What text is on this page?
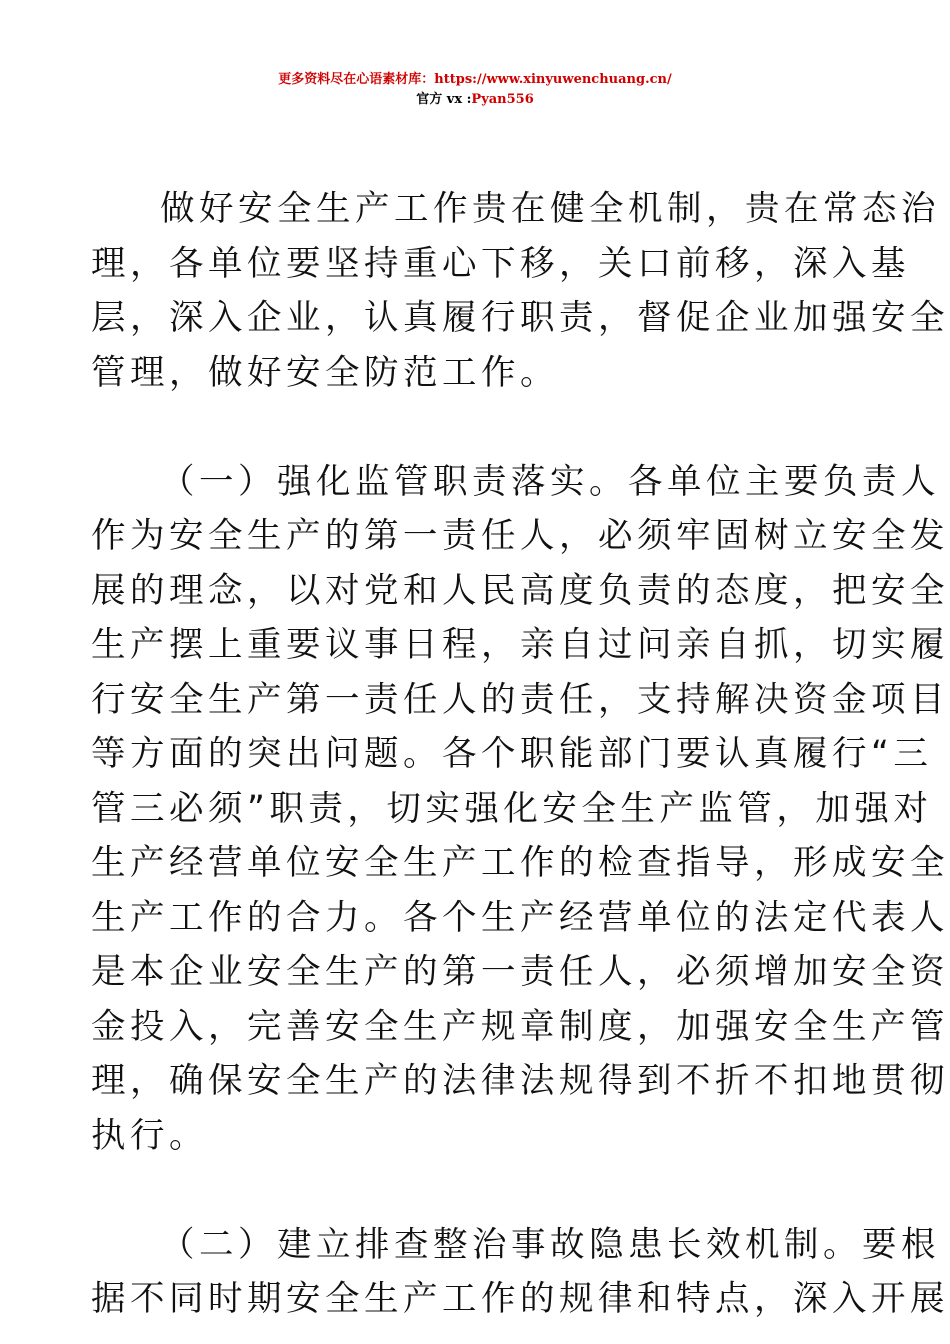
更多资料尽在心语素材库：https://www.xinyuwenchuang.cn/
官方 vx :Pyan556
做好安全生产工作贵在健全机制，贵在常态治
理，各单位要坚持重心下移，关口前移，深入基
层，深入企业，认真履行职责，督促企业加强安全
管理，做好安全防范工作。
（一）强化监管职责落实。各单位主要负责人
作为安全生产的第一责任人，必须牢固树立安全发
展的理念，以对党和人民高度负责的态度，把安全
生产摆上重要议事日程，亲自过问亲自抓，切实履
行安全生产第一责任人的责任，支持解决资金项目
等方面的突出问题。各个职能部门要认真履行“三
管三必须”职责，切实强化安全生产监管，加强对
生产经营单位安全生产工作的检查指导，形成安全
生产工作的合力。各个生产经营单位的法定代表人
是本企业安全生产的第一责任人，必须增加安全资
金投入，完善安全生产规章制度，加强安全生产管
理，确保安全生产的法律法规得到不折不扣地贯彻
执行。
（二）建立排查整治事故隐患长效机制。要根
据不同时期安全生产工作的规律和特点，深入开展
